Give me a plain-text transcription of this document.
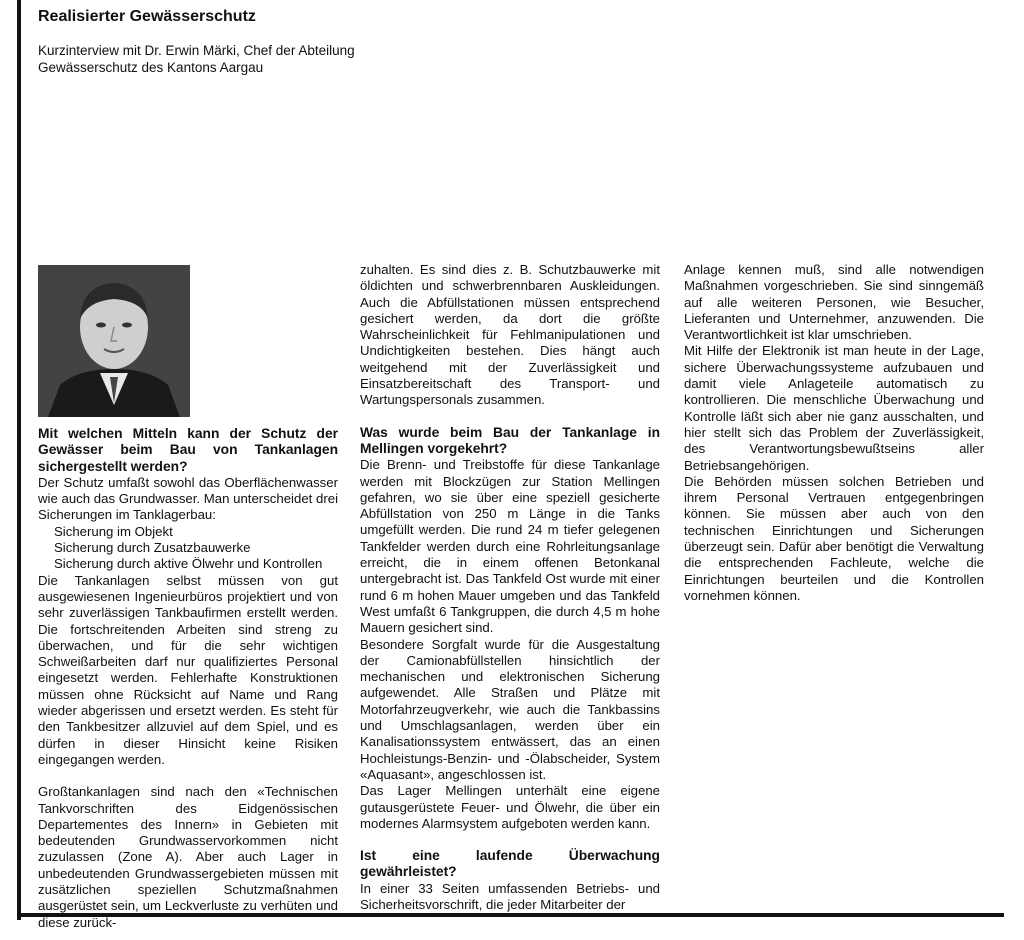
Realisierter Gewässerschutz

Kurzinterview mit Dr. Erwin Märki, Chef der Abteilung Gewässerschutz des Kantons Aargau

Mit welchen Mitteln kann der Schutz der Gewässer beim Bau von Tankanlagen sichergestellt werden?

Der Schutz umfaßt sowohl das Oberflächenwasser wie auch das Grundwasser. Man unterscheidet drei Sicherungen im Tanklagerbau:

Sicherung im Objekt

Sicherung durch Zusatzbauwerke

Sicherung durch aktive Ölwehr und Kontrollen

Die Tankanlagen selbst müssen von gut ausgewiesenen Ingenieurbüros projektiert und von sehr zuverlässigen Tankbaufirmen erstellt werden. Die fortschreitenden Arbeiten sind streng zu überwachen, und für die sehr wichtigen Schweißarbeiten darf nur qualifiziertes Personal eingesetzt werden. Fehlerhafte Konstruktionen müssen ohne Rücksicht auf Name und Rang wieder abgerissen und ersetzt werden. Es steht für den Tankbesitzer allzuviel auf dem Spiel, und es dürfen in dieser Hinsicht keine Risiken eingegangen werden.

Großtankanlagen sind nach den «Technischen Tankvorschriften des Eidgenössischen Departementes des Innern» in Gebieten mit bedeutenden Grundwasservorkommen nicht zuzulassen (Zone A). Aber auch Lager in unbedeutenden Grundwassergebieten müssen mit zusätzlichen speziellen Schutzmaßnahmen ausgerüstet sein, um Leckverluste zu verhüten und diese zurück-

zuhalten. Es sind dies z. B. Schutzbauwerke mit öldichten und schwerbrennbaren Auskleidungen. Auch die Abfüllstationen müssen entsprechend gesichert werden, da dort die größte Wahrscheinlichkeit für Fehlmanipulationen und Undichtigkeiten bestehen. Dies hängt auch weitgehend mit der Zuverlässigkeit und Einsatzbereitschaft des Transport- und Wartungspersonals zusammen.

Was wurde beim Bau der Tankanlage in Mellingen vorgekehrt?

Die Brenn- und Treibstoffe für diese Tankanlage werden mit Blockzügen zur Station Mellingen gefahren, wo sie über eine speziell gesicherte Abfüllstation von 250 m Länge in die Tanks umgefüllt werden. Die rund 24 m tiefer gelegenen Tankfelder werden durch eine Rohrleitungsanlage erreicht, die in einem offenen Betonkanal untergebracht ist. Das Tankfeld Ost wurde mit einer rund 6 m hohen Mauer umgeben und das Tankfeld West umfaßt 6 Tankgruppen, die durch 4,5 m hohe Mauern gesichert sind.

Besondere Sorgfalt wurde für die Ausgestaltung der Camionabfüllstellen hinsichtlich der mechanischen und elektronischen Sicherung aufgewendet. Alle Straßen und Plätze mit Motorfahrzeugverkehr, wie auch die Tankbassins und Umschlagsanlagen, werden über ein Kanalisationssystem entwässert, das an einen Hochleistungs-Benzin- und -Ölabscheider, System «Aquasant», angeschlossen ist.

Das Lager Mellingen unterhält eine eigene gutausgerüstete Feuer- und Ölwehr, die über ein modernes Alarmsystem aufgeboten werden kann.

Ist eine laufende Überwachung gewährleistet?

In einer 33 Seiten umfassenden Betriebs- und Sicherheitsvorschrift, die jeder Mitarbeiter der

Anlage kennen muß, sind alle notwendigen Maßnahmen vorgeschrieben. Sie sind sinngemäß auf alle weiteren Personen, wie Besucher, Lieferanten und Unternehmer, anzuwenden. Die Verantwortlichkeit ist klar umschrieben.

Mit Hilfe der Elektronik ist man heute in der Lage, sichere Überwachungssysteme aufzubauen und damit viele Anlageteile automatisch zu kontrollieren. Die menschliche Überwachung und Kontrolle läßt sich aber nie ganz ausschalten, und hier stellt sich das Problem der Zuverlässigkeit, des Verantwortungsbewußtseins aller Betriebsangehörigen.

Die Behörden müssen solchen Betrieben und ihrem Personal Vertrauen entgegenbringen können. Sie müssen aber auch von den technischen Einrichtungen und Sicherungen überzeugt sein. Dafür aber benötigt die Verwaltung die entsprechenden Fachleute, welche die Einrichtungen beurteilen und die Kontrollen vornehmen können.
